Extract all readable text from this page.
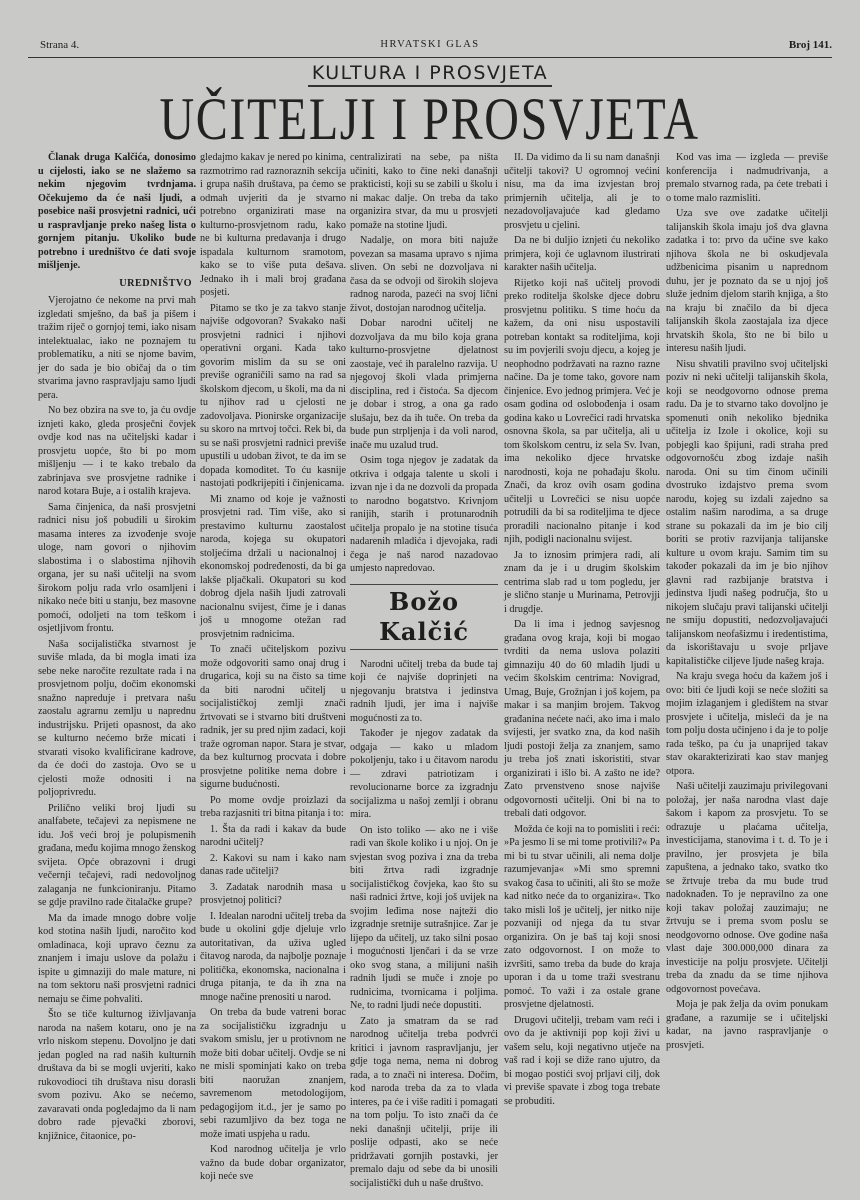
Strana 4.	HRVATSKI GLAS	Broj 141.
KULTURA I PROSVJETA
UČITELJI I PROSVJETA

Članak druga Kalčića, donosimo u cijelosti, iako se ne slažemo sa nekim njegovim tvrdnjama. Očekujemo da će naši ljudi, a posebice naši prosvjetni radnici, ući u raspravljanje preko našeg lista o gornjem pitanju. Ukoliko bude potrebno i uredništvo će dati svoje mišljenje.

UREDNIŠTVO

Vjerojatno će nekome na prvi mah izgledati smješno, da baš ja pišem i tražim riječ o gornjoj temi, iako nisam intelektualac, iako ne poznajem tu problematiku, a niti se njome bavim, jer do sada je bio običaj da o tim stvarima javno raspravljaju samo ljudi pera.

No bez obzira na sve to, ja ću ovdje iznjeti kako, gleda prosječni čovjek ovdje kod nas na učiteljski kadar i prosvjetu uopće, što bi po mom mišljenju — i te kako trebalo da zabrinjava sve prosvjetne radnike i narod kotara Buje, a i ostalih krajeva.

Sama činjenica, da naši prosvjetni radnici nisu još pobudili u širokim masama interes za izvođenje svoje uloge, nam govori o njihovim slabostima i o slabostima njihovih organa, jer su naši učitelji na svom širokom polju rada vrlo osamljeni i nikako neće biti u stanju, bez masovne pomoći, odoljeti na tom teškom i osjetljivom frontu.

Naša socijalistička stvarnost je suviše mlada, da bi mogla imati iza sebe neke naročite rezultate rada i na prosvjetnom polju, dočim ekonomski snažno napreduje i pretvara našu zaostalu agrarnu zemlju u naprednu industrijsku. Prijeti opasnost, da ako se kulturno nećemo brže micati i stvarati visoko kvalificirane kadrove, da će doći do zastoja. Ovo se u cjelosti može odnositi i na poljoprivredu.

Prilično veliki broj ljudi su analfabete, tečajevi za nepismene ne idu. Još veći broj je polupismenih građana, među kojima mnogo ženskog svijeta. Opće obrazovni i drugi večernji tečajevi, radi nedovoljnog zalaganja ne funkcioniranju. Pitamo se gdje pravilno rade čitalačke grupe?

Ma da imade mnogo dobre volje kod stotina naših ljudi, naročito kod omladinaca, koji upravo čeznu za znanjem i imaju uslove da polažu i ispite u gimnaziji do male mature, ni na tom sektoru naši prosvjetni radnici nemaju se čime pohvaliti.

Što se tiče kulturnog iživljavanja naroda na našem kotaru, ono je na vrlo niskom stepenu. Dovoljno je dati jedan pogled na rad naših kulturnih društava da bi se mogli uvjeriti, kako rukovodioci tih društava nisu dorasli svom pozivu. Ako se nećemo, zavaravati onda pogledajmo da li nam dobro rade pjevački zborovi, knjižnice, čitaonice, po-

gledajmo kakav je nered po kinima, razmotrimo rad raznoraznih sekcija i grupa naših društava, pa ćemo se odmah uvjeriti da je stvarno potrebno organizirati mase na kulturno-prosvjetnom radu, kako ne bi kulturna predavanja i drugo ispadala kulturnom sramotom, kako se to više puta dešava. Jednako ih i mali broj građana posjeti.

Pitamo se tko je za takvo stanje najviše odgovoran? Svakako naši prosvjetni radnici i njihovi operativni organi. Kada tako govorim mislim da su se oni previše ograničili samo na rad sa školskom djecom, u školi, ma da ni tu njihov rad u cjelosti ne zadovoljava. Pionirske organizacije su skoro na mrtvoj točci. Rek bi, da su se naši prosvjetni radnici previše upustili u udoban život, te da im se dopada komoditet. To ću kasnije nastojati podkrijepiti i činjenicama.

Mi znamo od koje je važnosti prosvjetni rad. Tim više, ako si prestavimo kulturnu zaostalost naroda, kojega su okupatori stoljećima držali u nacionalnoj i ekonomskoj podređenosti, da bi ga lakše pljačkali. Okupatori su kod dobrog djela naših ljudi zatrovali nacionalnu svijest, čime je i danas još u mnogome otežan rad prosvjetnim radnicima.

To znači učiteljskom pozivu može odgovoriti samo onaj drug i drugarica, koji su na čisto sa time da biti narodni učitelj u socijalističkoj zemlji znači žrtvovati se i stvarno biti društveni radnik, jer su pred njim zadaci, koji traže ogroman napor. Stara je stvar, da bez kulturnog procvata i dobre prosvjetne politike nema dobre i sigurne budućnosti.

Po mome ovdje proizlazi da treba razjasniti tri bitna pitanja i to:

1. Šta da radi i kakav da bude narodni učitelj?

2. Kakovi su nam i kako nam danas rade učitelji?

3. Zadatak narodnih masa u prosvjetnoj politici?

I. Idealan narodni učitelj treba da bude u okolini gdje djeluje vrlo autoritativan, da uživa ugled čitavog naroda, da najbolje poznaje politička, ekonomska, nacionalna i druga pitanja, te da ih zna na mnoge načine prenositi u narod.

On treba da bude vatreni borac za socijalističku izgradnju u svakom smislu, jer u protivnom ne može biti dobar učitelj. Ovdje se ni ne misli spominjati kako on treba biti naoružan znanjem, savremenom metodologijom, pedagogijom it.d., jer je samo po sebi razumljivo da bez toga ne može imati uspjeha u radu.

Kod narodnog učitelja je vrlo važno da bude dobar organizator, koji neće sve

centralizirati na sebe, pa ništa učiniti, kako to čine neki današnji prakticisti, koji su se zabili u školu i ni makac dalje. On treba da tako organizira stvar, da mu u prosvjeti pomaže na stotine ljudi.

Nadalje, on mora biti najuže povezan sa masama upravo s njima sliven. On sebi ne dozvoljava ni časa da se odvoji od širokih slojeva radnog naroda, pazeći na svoj lični život, dostojan narodnog učitelja.

Dobar narodni učitelj ne dozvoljava da mu bilo koja grana kulturno-prosvjetne djelatnost zaostaje, već ih paralelno razvija. U njegovoj školi vlada primjerna disciplina, red i čistoća. Sa djecom je dobar i strog, a ona ga rado slušaju, bez da ih tuče. On treba da bude pun strpljenja i da voli narod, inače mu uzalud trud.

Osim toga njegov je zadatak da otkriva i odgaja talente u skoli i izvan nje i da ne dozvoli da propada to narodno bogatstvo. Krivnjom ranijih, starih i protunarodnih učitelja propalo je na stotine tisuća nadarenih mladića i djevojaka, radi čega je naš narod nazadovao umjesto napredovao.

Božo Kalčić

Narodni učitelj treba da bude taj koji će najviše doprinjeti na njegovanju bratstva i jedinstva radnih ljudi, jer ima i najviše mogućnosti za to.

Također je njegov zadatak da odgaja — kako u mladom pokoljenju, tako i u čitavom narodu — zdravi patriotizam i revolucionarne borce za izgradnju socijalizma u našoj zemlji i obranu mira.

On isto toliko — ako ne i više radi van škole koliko i u njoj. On je svjestan svog poziva i zna da treba biti žrtva radi izgradnje socijalističkog čovjeka, kao što su naši radnici žrtve, koji još uvijek na svojim leđima nose najteži dio izgradnje sretnije sutrašnjice. Zar je lijepo da učitelj, uz tako silni posao i mogućnosti ljenčari i da se vrze oko svog stana, a milijuni naših radnih ljudi se muče i znoje po rudnicima, tvornicama i poljima. Ne, to radni ljudi neće dopustiti.

Zato ja smatram da se rad narodnog učitelja treba podvrći kritici i javnom raspravljanju, jer gdje toga nema, nema ni dobrog rada, a to znači ni interesa. Dočim, kod naroda treba da za to vlada interes, pa će i više raditi i pomagati na tom polju. To isto znači da će neki današnji učitelji, prije ili poslije odpasti, ako se neće pridržavati gornjih postavki, jer premalo daju od sebe da bi unosili socijalistički duh u naše društvo.

II. Da vidimo da li su nam današnji učitelji takovi? U ogromnoj većini nisu, ma da ima izvjestan broj primjernih učitelja, ali je to nezadovoljavajuće kad gledamo prosvjetu u cjelini.

Da ne bi duljio iznjeti ću nekoliko primjera, koji će uglavnom ilustrirati karakter naših učitelja.

Rijetko koji naš učitelj provodi preko roditelja školske djece dobru prosvjetnu politiku. S time hoću da kažem, da oni nisu uspostavili potreban kontakt sa roditeljima, koji su im povjerili svoju djecu, a kojeg je neophodno podržavati na razno razne načine. Da je tome tako, govore nam činjenice. Evo jednog primjera. Već je osam godina od oslobođenja i osam godina kako u Lovrečici radi hrvatska osnovna škola, sa par učitelja, ali u tom školskom centru, iz sela Sv. Ivan, ima nekoliko djece hrvatske narodnosti, koja ne pohađaju školu. Znači, da kroz ovih osam godina učitelji u Lovrečici se nisu uopće potrudili da bi sa roditeljima te djece proradili nacionalno pitanje i kod njih, podigli nacionalnu svijest.

Ja to iznosim primjera radi, ali znam da je i u drugim školskim centrima slab rad u tom pogledu, jer je slično stanje u Murinama, Petrovjji i drugdje.

Da li ima i jednog savjesnog građana ovog kraja, koji bi mogao tvrditi da nema uslova polaziti gimnaziju 40 do 60 mladih ljudi u većim školskim centrima: Novigrad, Umag, Buje, Grožnjan i još kojem, pa makar i sa manjim brojem. Takvog građanina nećete naći, ako ima i malo svijesti, jer svatko zna, da kod naših ljudi postoji želja za znanjem, samo ju treba još znati iskoristiti, stvar organizirati i išlo bi. A zašto ne ide? Zato prvenstveno snose najviše odgovornosti učitelji. Oni bi na to trebali dati odgovor.

Možda će koji na to pomisliti i reći: »Pa jesmo li se mi tome protivili?« Pa mi bi tu stvar učinili, ali nema dolje razumjevanja« »Mi smo spremni svakog časa to učiniti, ali što se može kad nitko neće da to organizira«. Tko tako misli loš je učitelj, jer nitko nije pozvaniji od njega da tu stvar organizira. On je baš taj koji snosi zato odgovornost. I on može to izvršiti, samo treba da bude do kraja uporan i da u tome traži svestranu pomoć. To važi i za ostale grane prosvjetne djelatnosti.

Drugovi učitelji, trebam vam reći i ovo da je aktivniji pop koji živi u vašem selu, koji negativno utječe na vaš rad i koji se diže rano ujutro, da bi mogao postići svoj prljavi cilj, dok vi previše spavate i zbog toga trebate se probuditi.

Kod vas ima — izgleda — previše konferencija i nadmudrivanja, a premalo stvarnog rada, pa ćete trebati i o tome malo razmisliti.

Uza sve ove zadatke učitelji talijanskih škola imaju još dva glavna zadatka i to: prvo da učine sve kako njihova škola ne bi oskudjevala udžbenicima pisanim u naprednom duhu, jer je poznato da se u njoj još služe jednim djelom starih knjiga, a što na kraju bi značilo da bi djeca talijanskih škola zaostajala iza djece hrvatskih škola, što ne bi bilo u interesu naših ljudi.

Nisu shvatili pravilno svoj učiteljski poziv ni neki učitelji talijanskih škola, koji se neodgovorno odnose prema radu. Da je to stvarno tako dovoljno je spomenuti onih nekoliko bjednika učitelja iz Izole i okolice, koji su pobjegli kao špijuni, radi straha pred odgovornošću zbog izdaje naših naroda. Oni su tim činom učinili dvostruko izdajstvo prema svom narodu, kojeg su izdali zajedno sa ostalim našim narodima, a sa druge strane su pokazali da im je bio cilj boriti se protiv razvijanja talijanske kulture u ovom kraju. Samim tim su također pokazali da im je bio njihov glavni rad razbijanje bratstva i jedinstva ljudi našeg područja, što u nikojem slučaju pravi talijanski učitelji ne smiju dopustiti, nedozvoljavajući talijanskom neofašizmu i iredentistima, da iskorištavaju u svoje prljave kapitalističke ciljeve ljude našeg kraja.

Na kraju svega hoću da kažem još i ovo: biti će ljudi koji se neće složiti sa mojim izlaganjem i gledištem na stvar prosvjete i učitelja, misleći da je na tom polju dosta učinjeno i da je to polje rada teško, pa ću ja unaprijed takav stav okarakterizirati kao stav manjeg otpora.

Naši učitelji zauzimaju privilegovani položaj, jer naša narodna vlast daje šakom i kapom za prosvjetu. To se odrazuje u plaćama učitelja, investicijama, stanovima i t. d. To je i pravilno, jer prosvjeta je bila zapuštena, a jednako tako, svatko tko se žrtvuje treba da mu bude trud nadoknađen. To je nepravilno za one koji takav položaj zauzimaju; ne žrtvuju se i prema svom poslu se neodgovorno odnose. Ove godine naša vlast daje 300.000,000 dinara za investicije na polju prosvjete. Učitelji treba da znadu da se time njihova odgovornost povećava.

Moja je pak želja da ovim ponukam građane, a razumije se i učiteljski kadar, na javno raspravljanje o prosvjeti.
